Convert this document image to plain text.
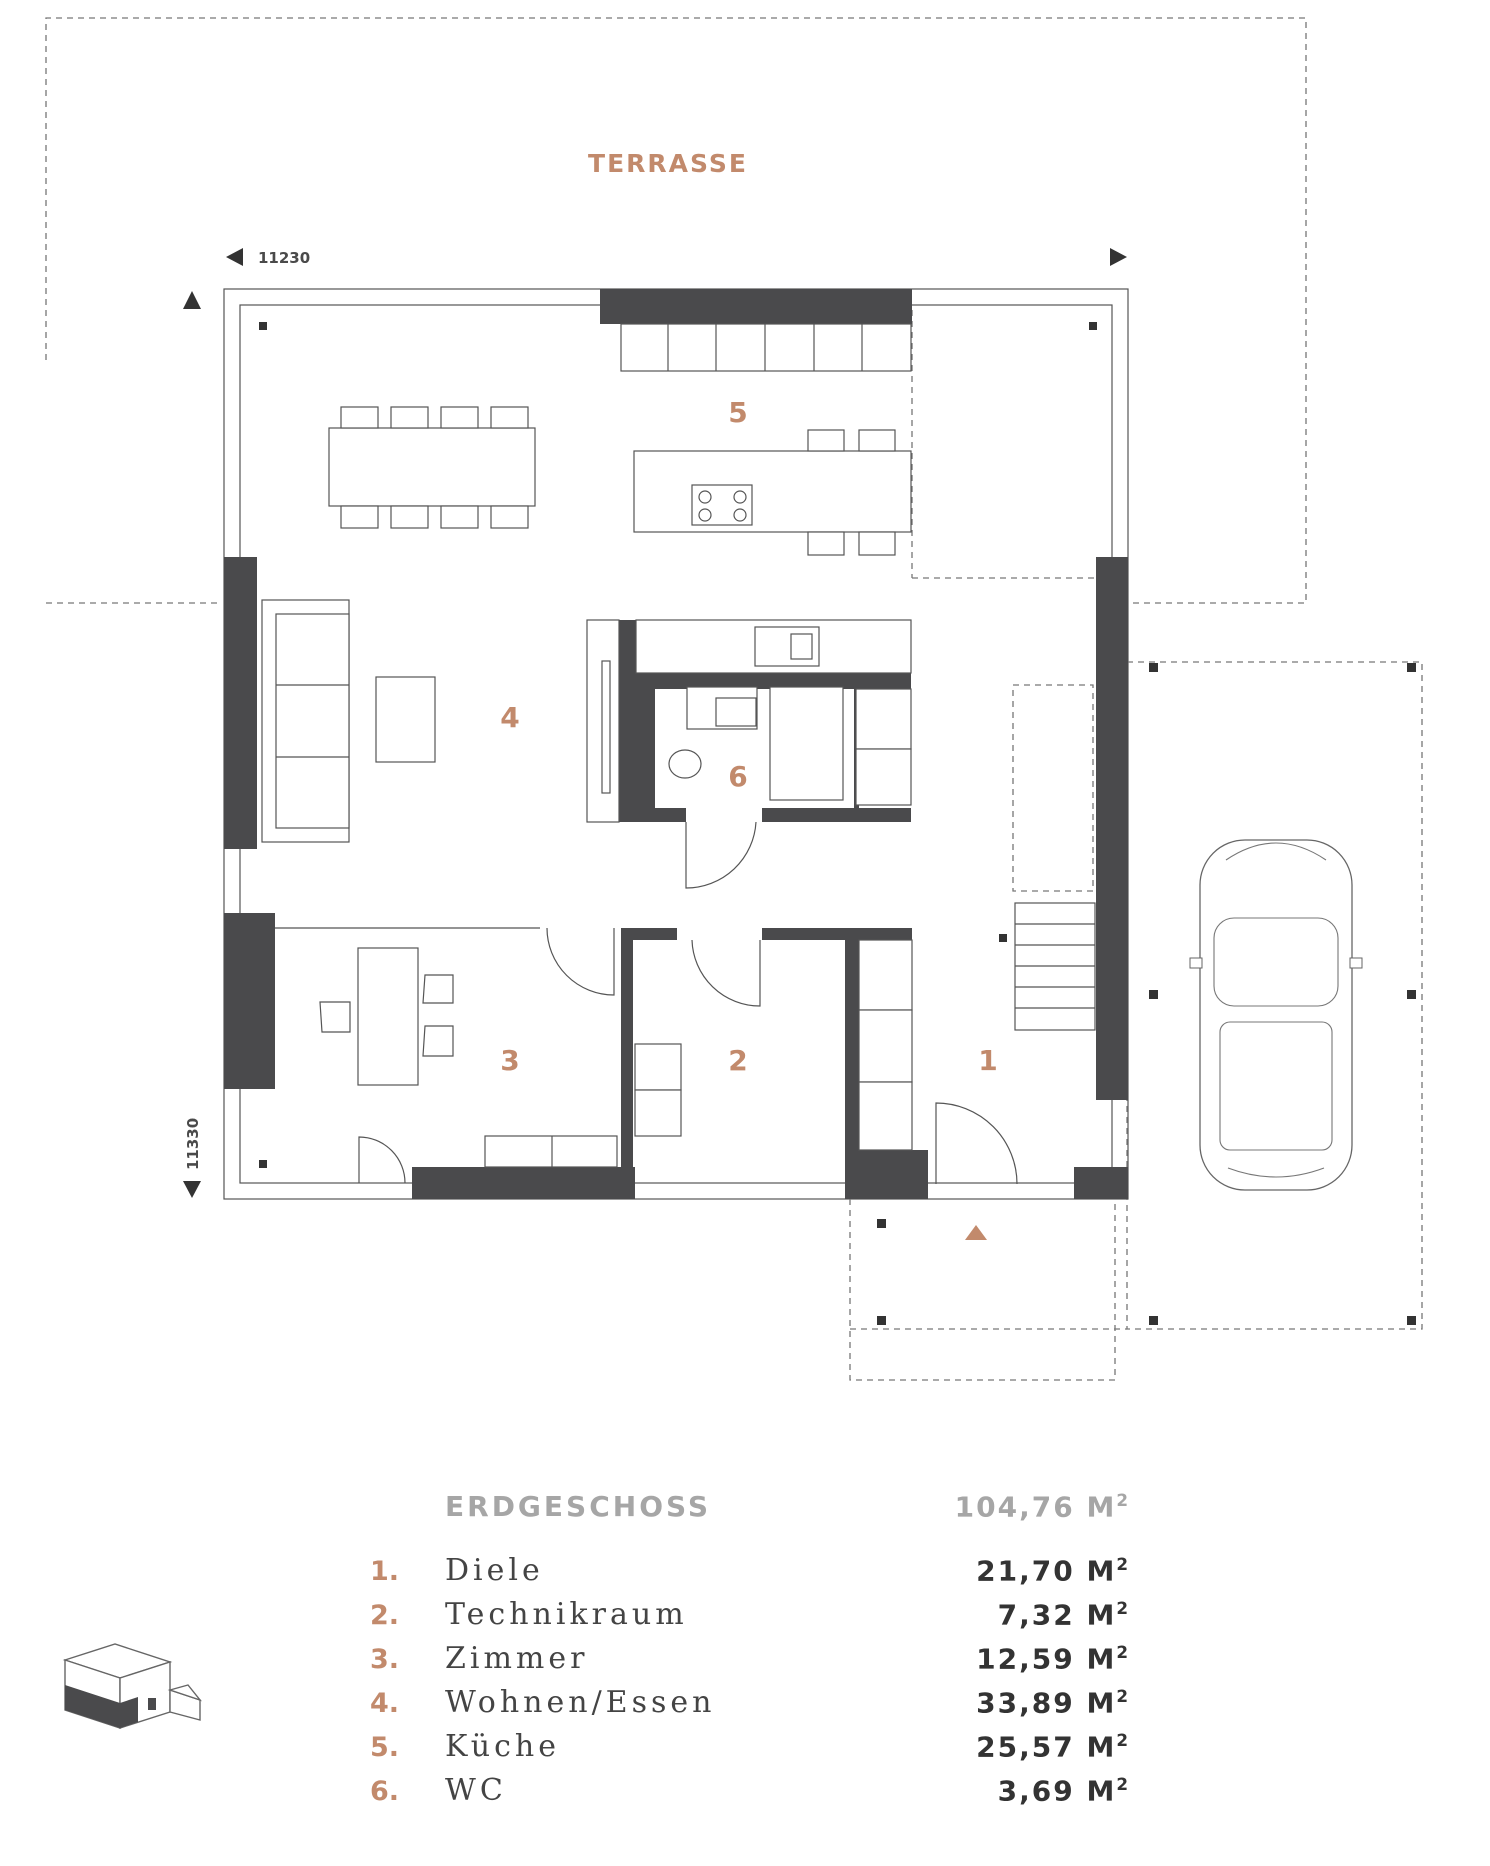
TERRASSE
11230
11330
5
4
6
3	2	1
ERDGESCHOSS	104,76 $M^2$
1.	Diele	21,70 $M^2$
2.	Technikraum	7,32 $M^2$
3.	Zimmer	12,59 $M^2$
4.	Wohnen/Essen	33,89 $M^2$
5.	Küche	25,57 $M^2$
6.	WC	3,69 $M^2$
